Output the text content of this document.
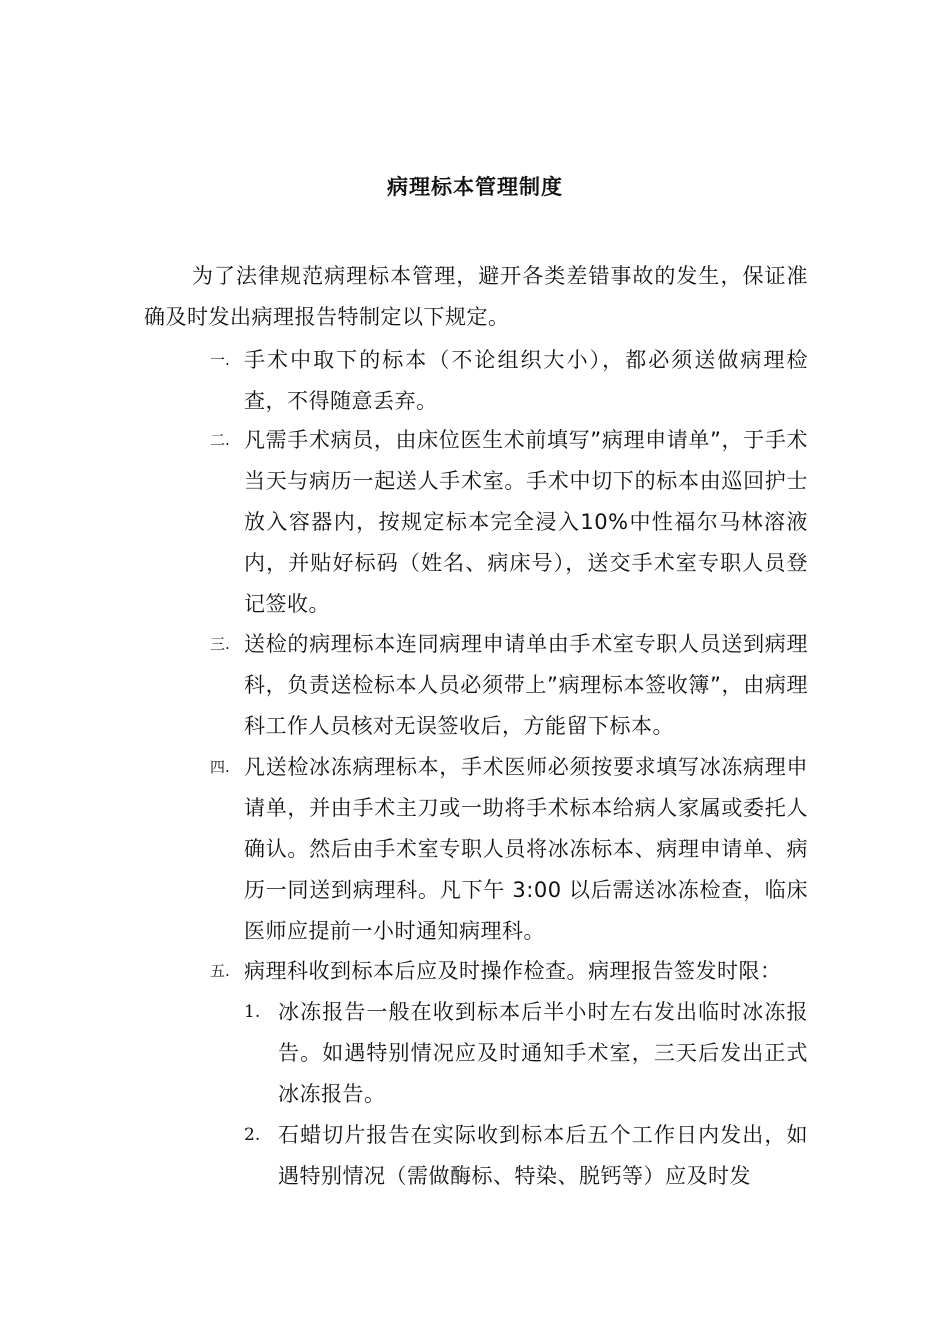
病理标本管理制度
为了法律规范病理标本管理，避开各类差错事故的发生，保证准确及时发出病理报告特制定以下规定。
一. 手术中取下的标本（不论组织大小），都必须送做病理检查，不得随意丢弃。
二. 凡需手术病员，由床位医生术前填写”病理申请单”，于手术当天与病历一起送人手术室。手术中切下的标本由巡回护士放入容器内，按规定标本完全浸入10%中性福尔马林溶液内，并贴好标码（姓名、病床号），送交手术室专职人员登记签收。
三. 送检的病理标本连同病理申请单由手术室专职人员送到病理科，负责送检标本人员必须带上”病理标本签收簿”，由病理科工作人员核对无误签收后，方能留下标本。
四. 凡送检冰冻病理标本，手术医师必须按要求填写冰冻病理申请单，并由手术主刀或一助将手术标本给病人家属或委托人确认。然后由手术室专职人员将冰冻标本、病理申请单、病历一同送到病理科。凡下午 3:00 以后需送冰冻检查，临床医师应提前一小时通知病理科。
五. 病理科收到标本后应及时操作检查。病理报告签发时限：
1. 冰冻报告一般在收到标本后半小时左右发出临时冰冻报告。如遇特别情况应及时通知手术室，三天后发出正式冰冻报告。
2. 石蜡切片报告在实际收到标本后五个工作日内发出，如遇特别情况（需做酶标、特染、脱钙等）应及时发
